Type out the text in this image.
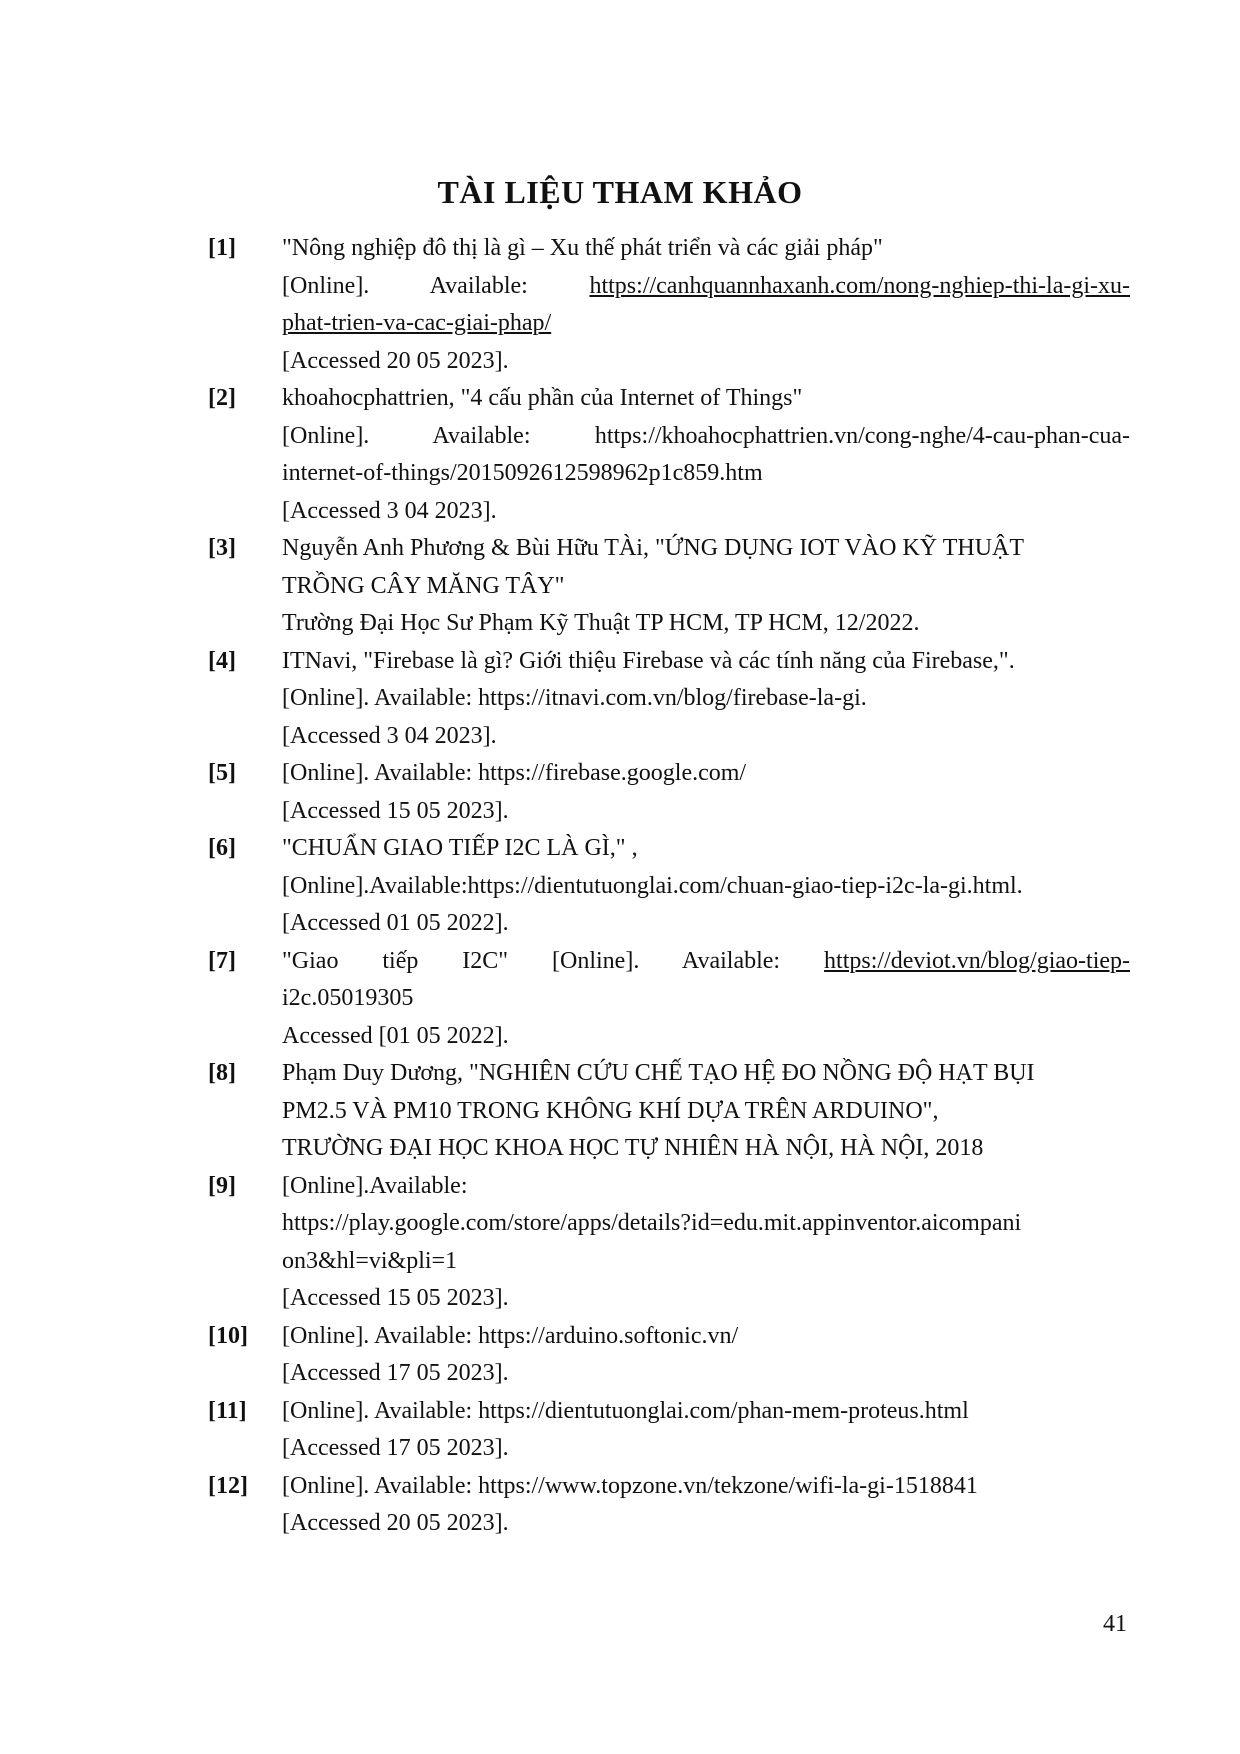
TÀI LIỆU THAM KHẢO
[1]	"Nông nghiệp đô thị là gì – Xu thế phát triển và các giải pháp"
[Online]. Available:	https://canhquannhaxanh.com/nong-nghiep-thi-la-gi-xu-
phat-trien-va-cac-giai-phap/
[Accessed 20 05 2023].
[2]	khoahocphattrien, "4 cấu phần của Internet of Things"
[Online]. Available: https://khoahocphattrien.vn/cong-nghe/4-cau-phan-cua-
internet-of-things/2015092612598962p1c859.htm
[Accessed 3 04 2023].
[3]	Nguyễn Anh Phương & Bùi Hữu TÀi, "ỨNG DỤNG IOT VÀO KỸ THUẬT
TRỒNG CÂY MĂNG TÂY"
Trường Đại Học Sư Phạm Kỹ Thuật TP HCM, TP HCM, 12/2022.
[4]	ITNavi, "Firebase là gì? Giới thiệu Firebase và các tính năng của Firebase,".
[Online]. Available: https://itnavi.com.vn/blog/firebase-la-gi.
[Accessed 3 04 2023].
[5]	[Online]. Available: https://firebase.google.com/
[Accessed 15 05 2023].
[6]	"CHUẨN GIAO TIẾP I2C LÀ GÌ," ,
[Online].Available:https://dientutuonglai.com/chuan-giao-tiep-i2c-la-gi.html.
[Accessed 01 05 2022].
[7]	"Giao tiếp I2C" [Online]. Available: https://deviot.vn/blog/giao-tiep-
i2c.05019305
Accessed [01 05 2022].
[8]	Phạm Duy Dương, "NGHIÊN CỨU CHẾ TẠO HỆ ĐO NỒNG ĐỘ HẠT BỤI
PM2.5 VÀ PM10 TRONG KHÔNG KHÍ DỰA TRÊN ARDUINO",
TRƯỜNG ĐẠI HỌC KHOA HỌC TỰ NHIÊN HÀ NỘI, HÀ NỘI, 2018
[9]	[Online].Available:
https://play.google.com/store/apps/details?id=edu.mit.appinventor.aicompani
on3&hl=vi&pli=1
[Accessed 15 05 2023].
[10]	[Online]. Available: https://arduino.softonic.vn/
[Accessed 17 05 2023].
[11]	[Online]. Available: https://dientutuonglai.com/phan-mem-proteus.html
[Accessed 17 05 2023].
[12]	[Online]. Available: https://www.topzone.vn/tekzone/wifi-la-gi-1518841
[Accessed 20 05 2023].
41
